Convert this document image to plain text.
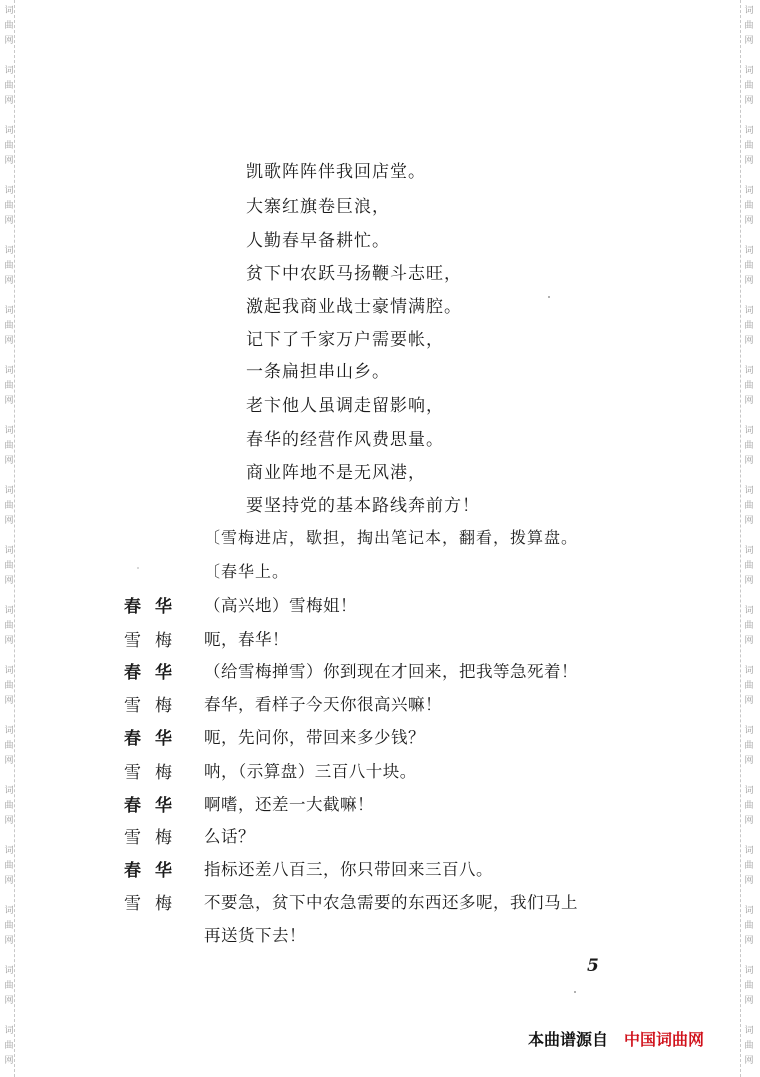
词
曲
网
词
曲
网
词
曲
网
词
曲
网
词
曲
网
词
曲
网
词
曲
网
词
曲
网
词
曲
网
词
曲
网
词
曲
网
词
曲
网
词
曲
网
词
曲
网
词
曲
网
词
曲
网
词
曲
网
词
曲
网
词
曲
网
词
曲
网
词
曲
网
词
曲
网
词
曲
网
词
曲
网
词
曲
网
词
曲
网
词
曲
网
词
曲
网
词
曲
网
词
曲
网
词
曲
网
词
曲
网
词
曲
网
词
曲
网
词
曲
网
词
曲
网
凯歌阵阵伴我回店堂。
大寨红旗卷巨浪，
人勤春早备耕忙。
贫下中农跃马扬鞭斗志旺，
激起我商业战士豪情满腔。
记下了千家万户需要帐，
一条扁担串山乡。
老卞他人虽调走留影响，
春华的经营作风费思量。
商业阵地不是无风港，
要坚持党的基本路线奔前方！
〔雪梅进店，歇担，掏出笔记本，翻看，拨算盘。
〔春华上。
春 华	（高兴地）雪梅姐！
雪 梅	呃，春华！
春 华	（给雪梅掸雪）你到现在才回来，把我等急死着！
雪 梅	春华，看样子今天你很高兴嘛！
春 华	呃，先问你，带回来多少钱？
雪 梅	呐，（示算盘）三百八十块。
春 华	啊嗜，还差一大截嘛！
雪 梅	么话？
春 华	指标还差八百三，你只带回来三百八。
雪 梅	不要急，贫下中农急需要的东西还多呢，我们马上
再送货下去！
5
本曲谱源自 中国词曲网
